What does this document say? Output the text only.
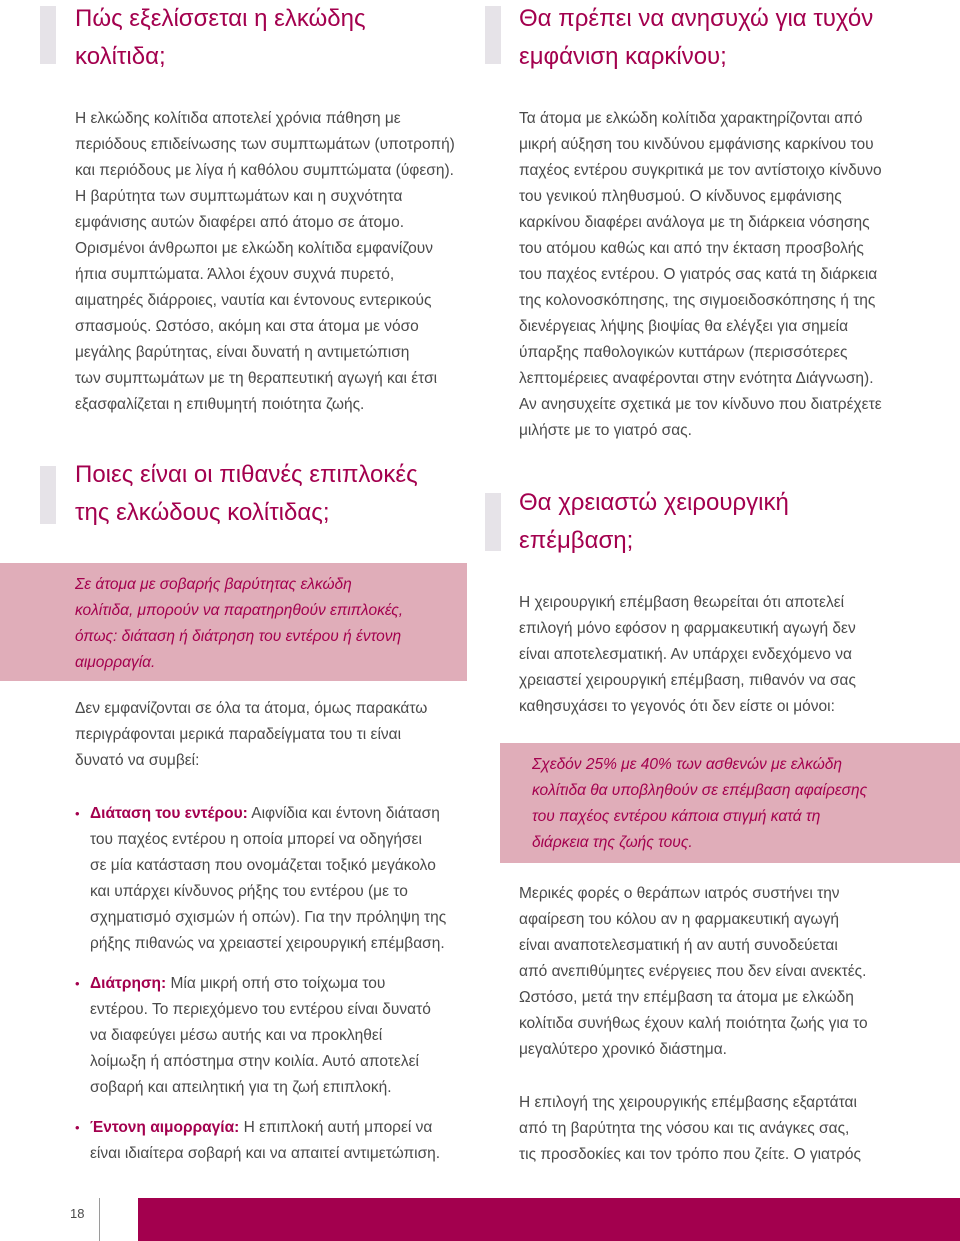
Πώς εξελίσσεται η ελκώδης
κολίτιδα;

Η ελκώδης κολίτιδα αποτελεί χρόνια πάθηση με
περιόδους επιδείνωσης των συμπτωμάτων (υποτροπή)
και περιόδους με λίγα ή καθόλου συμπτώματα (ύφεση).
Η βαρύτητα των συμπτωμάτων και η συχνότητα
εμφάνισης αυτών διαφέρει από άτομο σε άτομο.
Ορισμένοι άνθρωποι με ελκώδη κολίτιδα εμφανίζουν
ήπια συμπτώματα. Άλλοι έχουν συχνά πυρετό,
αιματηρές διάρροιες, ναυτία και έντονους εντερικούς
σπασμούς. Ωστόσο, ακόμη και στα άτομα με νόσο
μεγάλης βαρύτητας, είναι δυνατή η αντιμετώπιση
των συμπτωμάτων με τη θεραπευτική αγωγή και έτσι
εξασφαλίζεται η επιθυμητή ποιότητα ζωής.

Ποιες είναι οι πιθανές επιπλοκές
της ελκώδους κολίτιδας;

Σε άτομα με σοβαρής βαρύτητας ελκώδη
κολίτιδα, μπορούν να παρατηρηθούν επιπλοκές,
όπως: διάταση ή διάτρηση του εντέρου ή έντονη
αιμορραγία.

Δεν εμφανίζονται σε όλα τα άτομα, όμως παρακάτω
περιγράφονται μερικά παραδείγματα του τι είναι
δυνατό να συμβεί:

• Διάταση του εντέρου: Αιφνίδια και έντονη διάταση
του παχέος εντέρου η οποία μπορεί να οδηγήσει
σε μία κατάσταση που ονομάζεται τοξικό μεγάκολο
και υπάρχει κίνδυνος ρήξης του εντέρου (με το
σχηματισμό σχισμών ή οπών). Για την πρόληψη της
ρήξης πιθανώς να χρειαστεί χειρουργική επέμβαση.
• Διάτρηση: Μία μικρή οπή στο τοίχωμα του
εντέρου. Το περιεχόμενο του εντέρου είναι δυνατό
να διαφεύγει μέσω αυτής και να προκληθεί
λοίμωξη ή απόστημα στην κοιλία. Αυτό αποτελεί
σοβαρή και απειλητική για τη ζωή επιπλοκή.
• Έντονη αιμορραγία: Η επιπλοκή αυτή μπορεί να
είναι ιδιαίτερα σοβαρή και να απαιτεί αντιμετώπιση.
Θα πρέπει να ανησυχώ για τυχόν
εμφάνιση καρκίνου;

Τα άτομα με ελκώδη κολίτιδα χαρακτηρίζονται από
μικρή αύξηση του κινδύνου εμφάνισης καρκίνου του
παχέος εντέρου συγκριτικά με τον αντίστοιχο κίνδυνο
του γενικού πληθυσμού. Ο κίνδυνος εμφάνισης
καρκίνου διαφέρει ανάλογα με τη διάρκεια νόσησης
του ατόμου καθώς και από την έκταση προσβολής
του παχέος εντέρου. Ο γιατρός σας κατά τη διάρκεια
της κολονοσκόπησης, της σιγμοειδοσκόπησης ή της
διενέργειας λήψης βιοψίας θα ελέγξει για σημεία
ύπαρξης παθολογικών κυττάρων (περισσότερες
λεπτομέρειες αναφέρονται στην ενότητα Διάγνωση).
Αν ανησυχείτε σχετικά με τον κίνδυνο που διατρέχετε
μιλήστε με το γιατρό σας.

Θα χρειαστώ χειρουργική
επέμβαση;

Η χειρουργική επέμβαση θεωρείται ότι αποτελεί
επιλογή μόνο εφόσον η φαρμακευτική αγωγή δεν
είναι αποτελεσματική. Αν υπάρχει ενδεχόμενο να
χρειαστεί χειρουργική επέμβαση, πιθανόν να σας
καθησυχάσει το γεγονός ότι δεν είστε οι μόνοι:

Σχεδόν 25% με 40% των ασθενών με ελκώδη
κολίτιδα θα υποβληθούν σε επέμβαση αφαίρεσης
του παχέος εντέρου κάποια στιγμή κατά τη
διάρκεια της ζωής τους.

Μερικές φορές ο θεράπων ιατρός συστήνει την
αφαίρεση του κόλου αν η φαρμακευτική αγωγή
είναι αναποτελεσματική ή αν αυτή συνοδεύεται
από ανεπιθύμητες ενέργειες που δεν είναι ανεκτές.
Ωστόσο, μετά την επέμβαση τα άτομα με ελκώδη
κολίτιδα συνήθως έχουν καλή ποιότητα ζωής για το
μεγαλύτερο χρονικό διάστημα.

Η επιλογή της χειρουργικής επέμβασης εξαρτάται
από τη βαρύτητα της νόσου και τις ανάγκες σας,
τις προσδοκίες και τον τρόπο που ζείτε. Ο γιατρός

18
